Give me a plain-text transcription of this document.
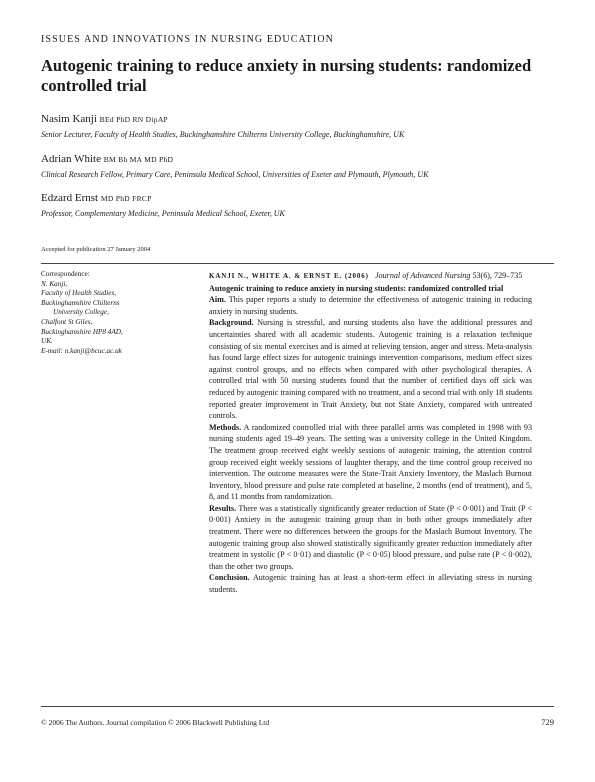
ISSUES AND INNOVATIONS IN NURSING EDUCATION
Autogenic training to reduce anxiety in nursing students: randomized controlled trial
Nasim Kanji BEd PhD RN DipAP
Senior Lecturer, Faculty of Health Studies, Buckinghamshire Chilterns University College, Buckinghamshire, UK
Adrian White BM Bh MA MD PhD
Clinical Research Fellow, Primary Care, Peninsula Medical School, Universities of Exeter and Plymouth, Plymouth, UK
Edzard Ernst MD PhD FRCP
Professor, Complementary Medicine, Peninsula Medical School, Exeter, UK
Accepted for publication 27 January 2004
Correspondence:
N. Kanji,
Faculty of Health Studies,
Buckinghamshire Chilterns
University College,
Chalfont St Giles,
Buckinghamshire HP8 4AD,
UK.
E-mail: n.kanji@bcuc.ac.uk

KANJI N., WHITE A. & ERNST E. (2006) Journal of Advanced Nursing 53(6), 729–735

Autogenic training to reduce anxiety in nursing students: randomized controlled trial

Aim. This paper reports a study to determine the effectiveness of autogenic training in reducing anxiety in nursing students.

Background. Nursing is stressful, and nursing students also have the additional pressures and uncertainties shared with all academic students. Autogenic training is a relaxation technique consisting of six mental exercises and is aimed at relieving tension, anger and stress. Meta-analysis has found large effect sizes for autogenic trainings intervention comparisons, medium effect sizes against control groups, and no effects when compared with other psychological therapies. A controlled trial with 50 nursing students found that the number of certified days off sick was reduced by autogenic training compared with no treatment, and a second trial with only 18 students reported greater improvement in Trait Anxiety, but not State Anxiety, compared with untreated controls.

Methods. A randomized controlled trial with three parallel arms was completed in 1998 with 93 nursing students aged 19–49 years. The setting was a university college in the United Kingdom. The treatment group received eight weekly sessions of autogenic training, the attention control group received eight weekly sessions of laughter therapy, and the time control group received no intervention. The outcome measures were the State-Trait Anxiety Inventory, the Maslach Burnout Inventory, blood pressure and pulse rate completed at baseline, 2 months (end of treatment), and 5, 8, and 11 months from randomization.

Results. There was a statistically significantly greater reduction of State (P < 0·001) and Trait (P < 0·001) Anxiety in the autogenic training group than in both other groups immediately after treatment. There were no differences between the groups for the Maslach Burnout Inventory. The autogenic training group also showed statistically significantly greater reduction immediately after treatment in systolic (P < 0·01) and diastolic (P < 0·05) blood pressure, and pulse rate (P < 0·002), than the other two groups.

Conclusion. Autogenic training has at least a short-term effect in alleviating stress in nursing students.

© 2006 The Authors. Journal compilation © 2006 Blackwell Publishing Ltd	729
